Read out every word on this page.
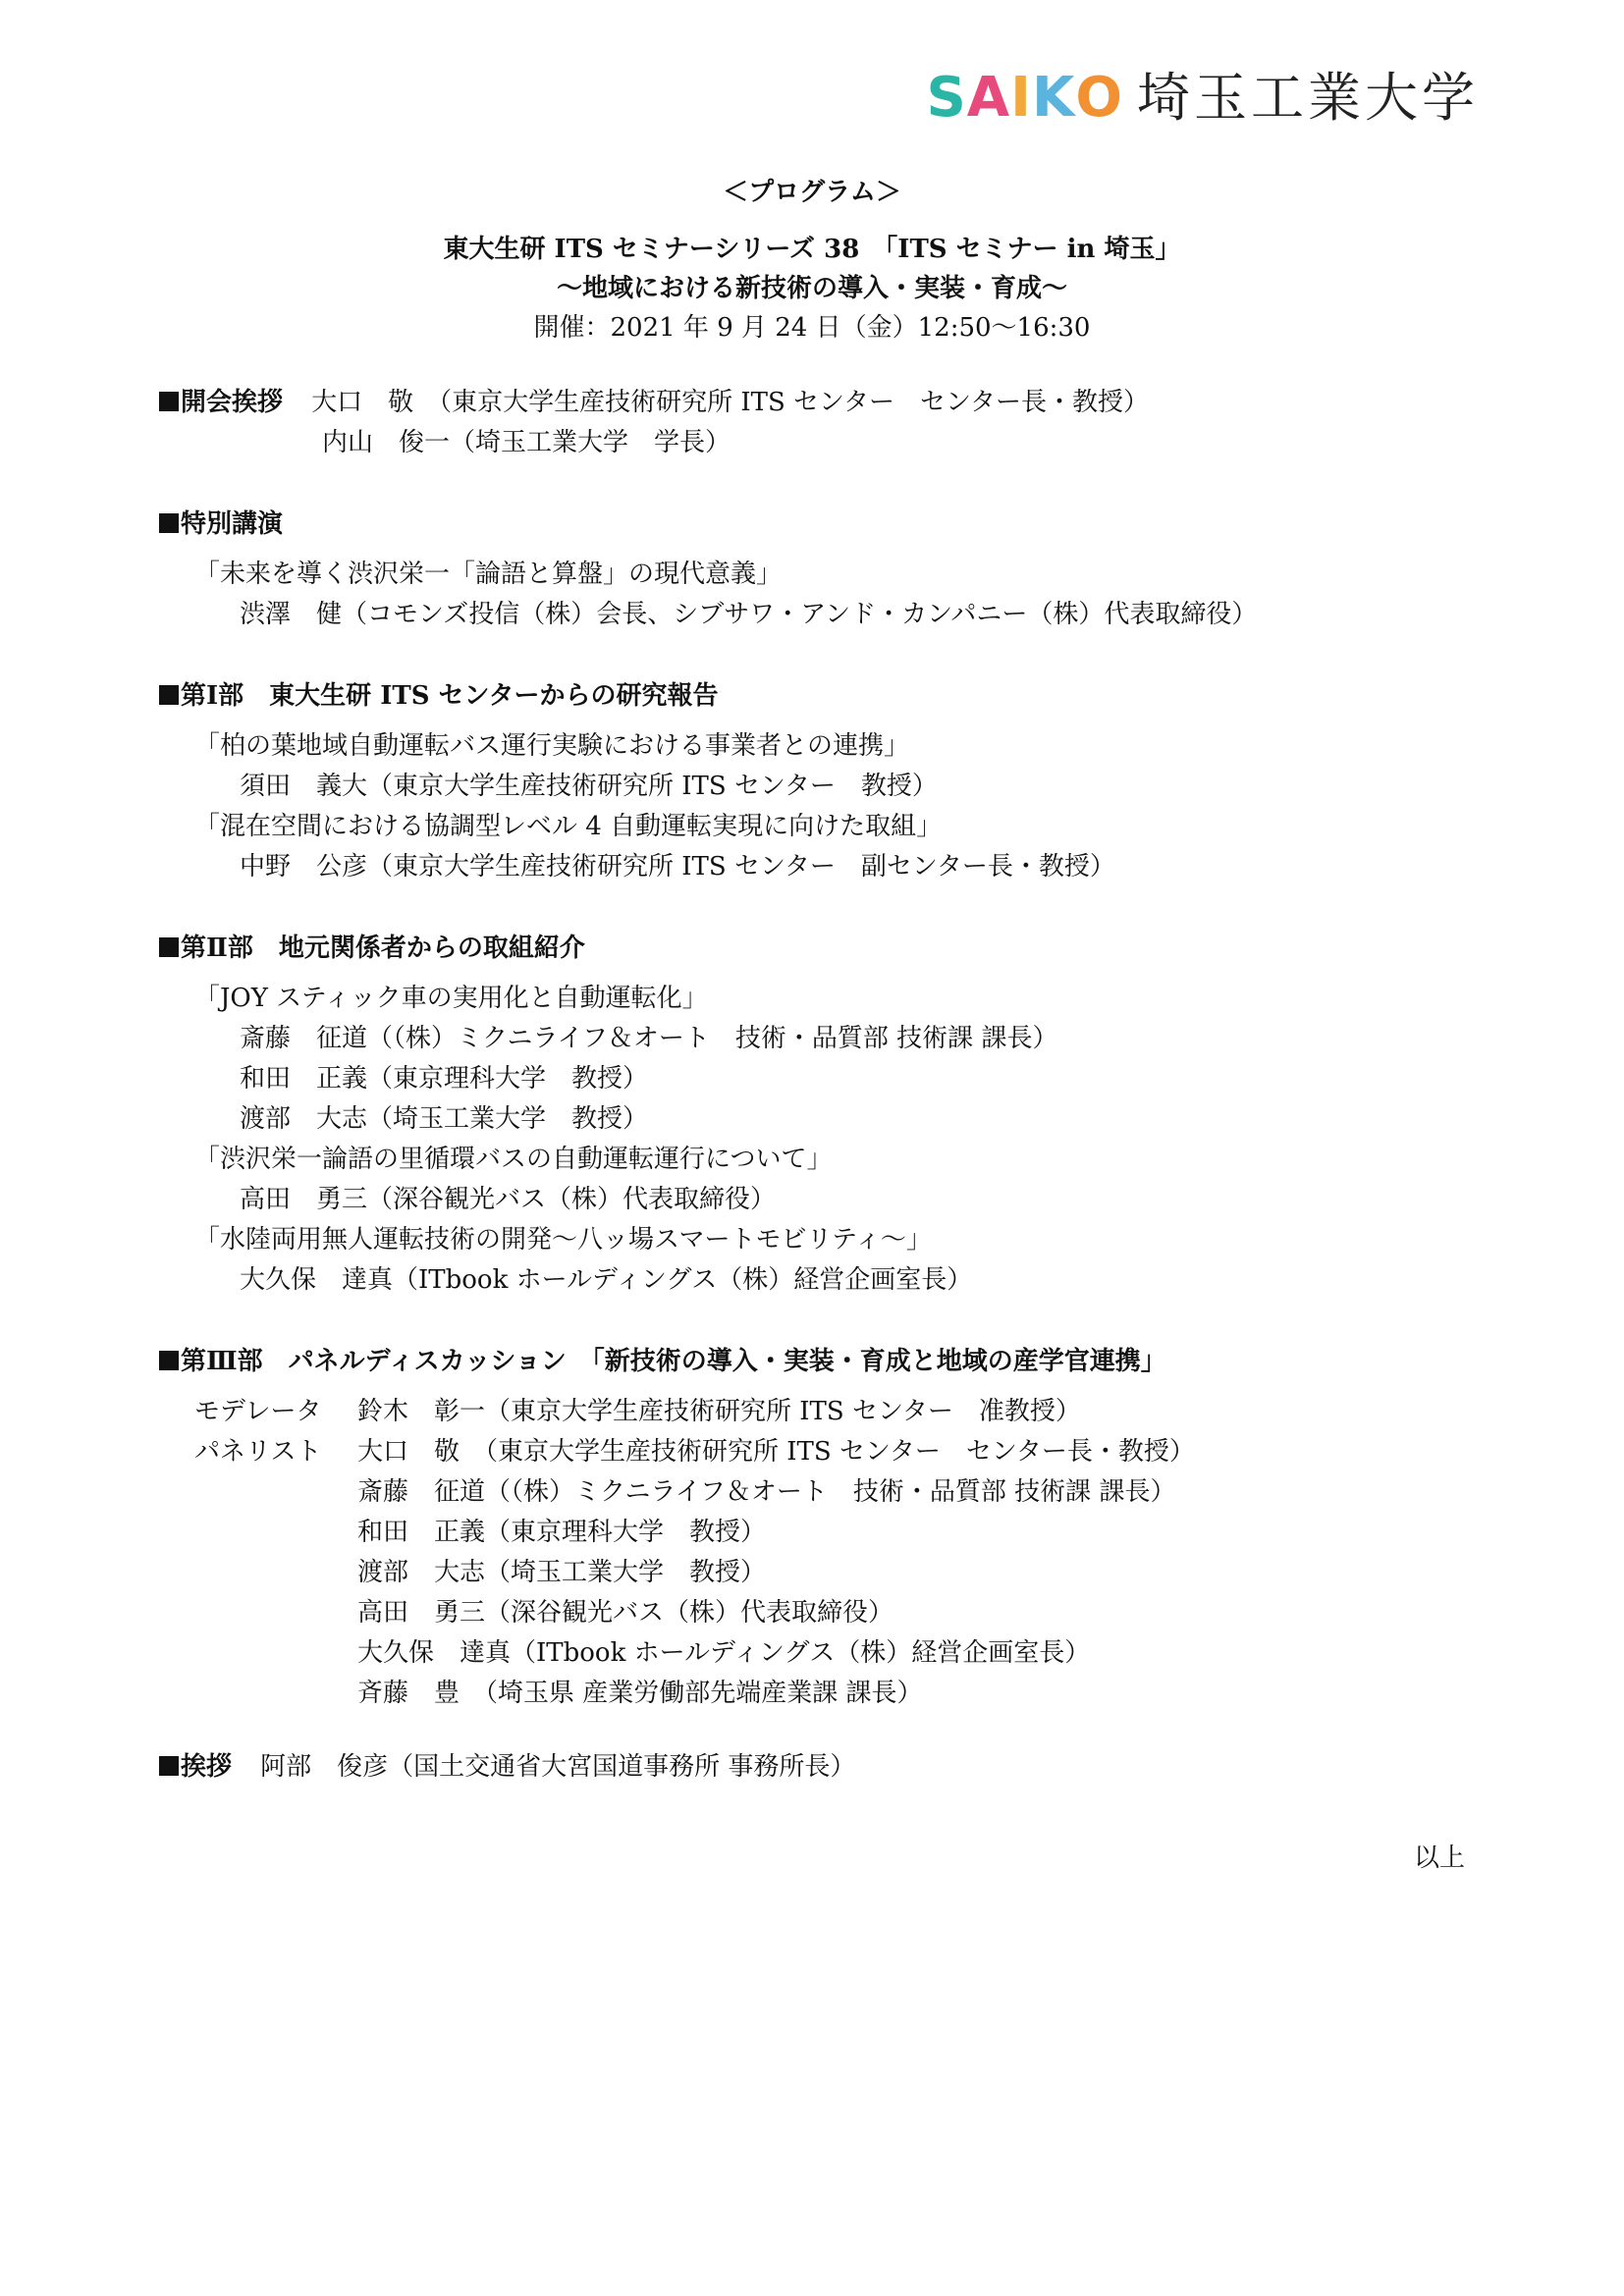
SAIKO 埼玉工業大学
＜プログラム＞
東大生研 ITS セミナーシリーズ 38　「ITS セミナー in 埼玉」
～地域における新技術の導入・実装・育成～
開催：2021 年 9 月 24 日（金）12:50～16:30
開会挨拶 大口　敬　（東京大学生産技術研究所 ITS センター　センター長・教授）
内山　俊一（埼玉工業大学　学長）
特別講演
「未来を導く渋沢栄一「論語と算盤」の現代意義」
渋澤　健（コモンズ投信（株）会長、シブサワ・アンド・カンパニー（株）代表取締役）
第Ⅰ部　東大生研 ITS センターからの研究報告
「柏の葉地域自動運転バス運行実験における事業者との連携」
須田　義大（東京大学生産技術研究所 ITS センター　教授）
「混在空間における協調型レベル 4 自動運転実現に向けた取組」
中野　公彦（東京大学生産技術研究所 ITS センター　副センター長・教授）
第Ⅱ部　地元関係者からの取組紹介
「JOY スティック車の実用化と自動運転化」
斎藤　征道（（株）ミクニライフ＆オート　技術・品質部 技術課 課長）
和田　正義（東京理科大学　教授）
渡部　大志（埼玉工業大学　教授）
「渋沢栄一論語の里循環バスの自動運転運行について」
高田　勇三（深谷観光バス（株）代表取締役）
「水陸両用無人運転技術の開発～八ッ場スマートモビリティ～」
大久保　達真（ITbook ホールディングス（株）経営企画室長）
第Ⅲ部　パネルディスカッション　「新技術の導入・実装・育成と地域の産学官連携」
モデレータ	鈴木　彰一（東京大学生産技術研究所 ITS センター　准教授）
パネリスト	大口　敬　（東京大学生産技術研究所 ITS センター　センター長・教授）
斎藤　征道（（株）ミクニライフ＆オート　技術・品質部 技術課 課長）
和田　正義（東京理科大学　教授）
渡部　大志（埼玉工業大学　教授）
高田　勇三（深谷観光バス（株）代表取締役）
大久保　達真（ITbook ホールディングス（株）経営企画室長）
斉藤　豊　（埼玉県 産業労働部先端産業課 課長）
挨拶 阿部　俊彦（国土交通省大宮国道事務所 事務所長）
以上
